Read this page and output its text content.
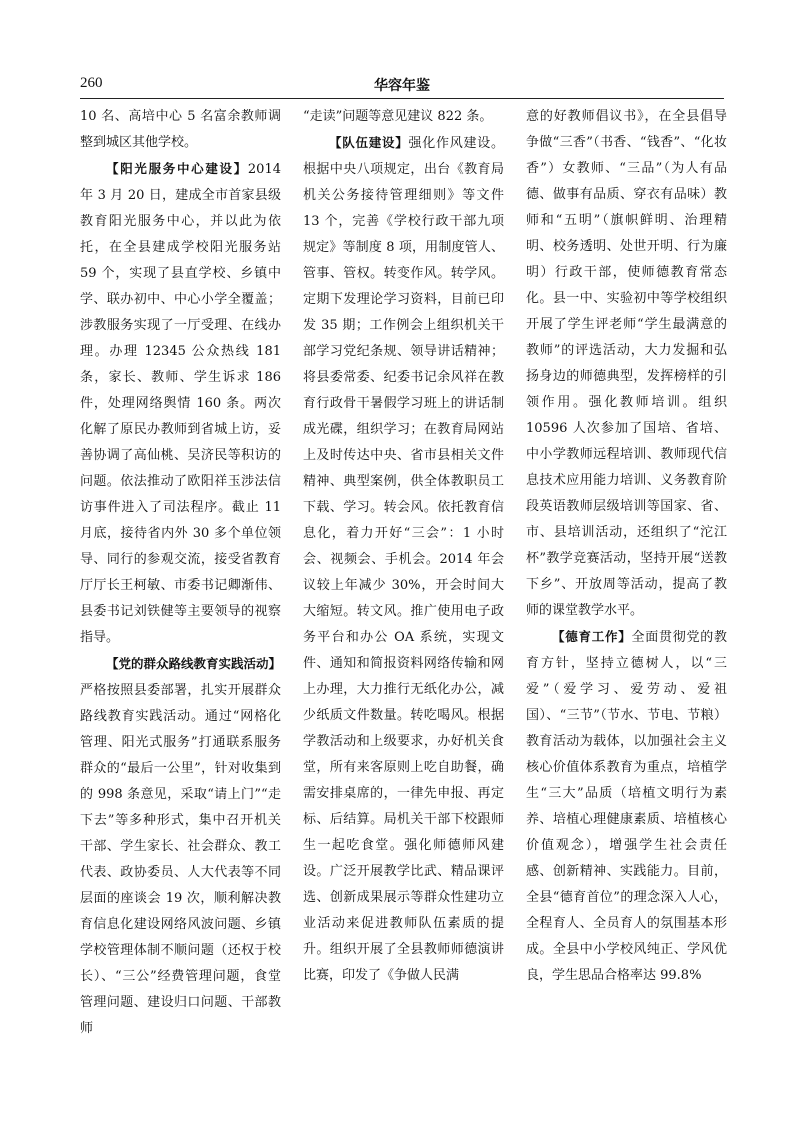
260	华容年鉴

10 名、高培中心 5 名富余教师调整到城区其他学校。

【阳光服务中心建设】2014 年 3 月 20 日，建成全市首家县级教育阳光服务中心，并以此为依托，在全县建成学校阳光服务站 59 个，实现了县直学校、乡镇中学、联办初中、中心小学全覆盖；涉教服务实现了一厅受理、在线办理。办理 12345 公众热线 181 条，家长、教师、学生诉求 186 件，处理网络舆情 160 条。两次化解了原民办教师到省城上访，妥善协调了高仙桃、吴济民等积访的问题。依法推动了欧阳祥玉涉法信访事件进入了司法程序。截止 11 月底，接待省内外 30 多个单位领导、同行的参观交流，接受省教育厅厅长王柯敏、市委书记卿渐伟、县委书记刘铁健等主要领导的视察指导。

【党的群众路线教育实践活动】严格按照县委部署，扎实开展群众路线教育实践活动。通过“网格化管理、阳光式服务”打通联系服务群众的“最后一公里”，针对收集到的 998 条意见，采取“请上门”“走下去”等多种形式，集中召开机关干部、学生家长、社会群众、教工代表、政协委员、人大代表等不同层面的座谈会 19 次，顺利解决教育信息化建设网络风波问题、乡镇学校管理体制不顺问题（还权于校长）、“三公”经费管理问题，食堂管理问题、建设归口问题、干部教师

“走读”问题等意见建议 822 条。

【队伍建设】强化作风建设。根据中央八项规定，出台《教育局机关公务接待管理细则》等文件 13 个，完善《学校行政干部九项规定》等制度 8 项，用制度管人、管事、管权。转变作风。转学风。定期下发理论学习资料，目前已印发 35 期；工作例会上组织机关干部学习党纪条规、领导讲话精神；将县委常委、纪委书记余风祥在教育行政骨干暑假学习班上的讲话制成光碟，组织学习；在教育局网站上及时传达中央、省市县相关文件精神、典型案例，供全体教职员工下载、学习。转会风。依托教育信息化，着力开好“三会”：1 小时会、视频会、手机会。2014 年会议较上年减少 30%，开会时间大大缩短。转文风。推广使用电子政务平台和办公 OA 系统，实现文件、通知和简报资料网络传输和网上办理，大力推行无纸化办公，减少纸质文件数量。转吃喝风。根据学教活动和上级要求，办好机关食堂，所有来客原则上吃自助餐，确需安排桌席的，一律先申报、再定标、后结算。局机关干部下校跟师生一起吃食堂。强化师德师风建设。广泛开展教学比武、精品课评选、创新成果展示等群众性建功立业活动来促进教师队伍素质的提升。组织开展了全县教师师德演讲比赛，印发了《争做人民满

意的好教师倡议书》，在全县倡导争做“三香”（书香、“钱香”、“化妆香”）女教师、“三品”（为人有品德、做事有品质、穿衣有品味）教师和“五明”（旗帜鲜明、治理精明、校务透明、处世开明、行为廉明）行政干部，使师德教育常态化。县一中、实验初中等学校组织开展了学生评老师“学生最满意的教师”的评选活动，大力发掘和弘扬身边的师德典型，发挥榜样的引领作用。强化教师培训。组织 10596 人次参加了国培、省培、中小学教师远程培训、教师现代信息技术应用能力培训、义务教育阶段英语教师层级培训等国家、省、市、县培训活动，还组织了“沱江杯”教学竞赛活动，坚持开展“送教下乡”、开放周等活动，提高了教师的课堂教学水平。

【德育工作】全面贯彻党的教育方针，坚持立德树人，以“三爱”（爱学习、爱劳动、爱祖国）、“三节”（节水、节电、节粮）教育活动为载体，以加强社会主义核心价值体系教育为重点，培植学生“三大”品质（培植文明行为素养、培植心理健康素质、培植核心价值观念），增强学生社会责任感、创新精神、实践能力。目前，全县“德育首位”的理念深入人心，全程育人、全员育人的氛围基本形成。全县中小学校风纯正、学风优良，学生思品合格率达 99.8%
